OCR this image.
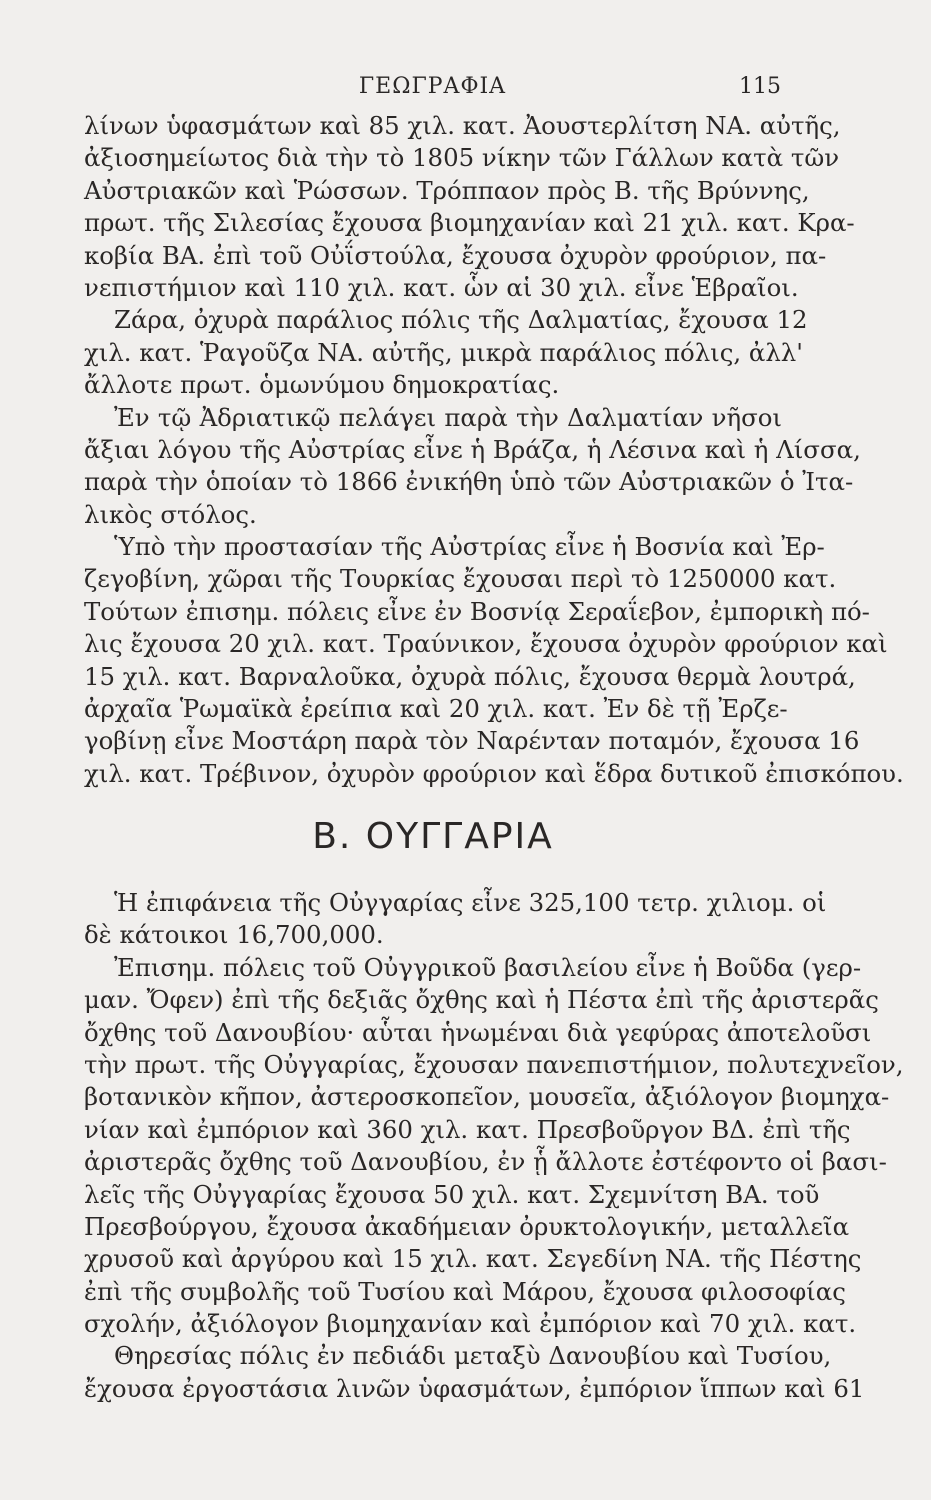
ΓΕΩΓΡΑΦΙΑ	115
λίνων ὑφασμάτων καὶ 85 χιλ. κατ. Ἀουστερλίτση ΝΑ. αὐτῆς,
ἀξιοσημείωτος διὰ τὴν τὸ 1805 νίκην τῶν Γάλλων κατὰ τῶν
Αὐστριακῶν καὶ Ῥώσσων. Τρόππαον πρὸς Β. τῆς Βρύννης,
πρωτ. τῆς Σιλεσίας ἔχουσα βιομηχανίαν καὶ 21 χιλ. κατ. Κρα-
κοβία ΒΑ. ἐπὶ τοῦ Οὐΐστούλα, ἔχουσα ὀχυρὸν φρούριον, πα-
νεπιστήμιον καὶ 110 χιλ. κατ. ὧν αἱ 30 χιλ. εἶνε Ἑβραῖοι.
Ζάρα, ὀχυρὰ παράλιος πόλις τῆς Δαλματίας, ἔχουσα 12
χιλ. κατ. Ῥαγοῦζα ΝΑ. αὐτῆς, μικρὰ παράλιος πόλις, ἀλλ'
ἄλλοτε πρωτ. ὁμωνύμου δημοκρατίας.
Ἐν τῷ Ἀδριατικῷ πελάγει παρὰ τὴν Δαλματίαν νῆσοι
ἄξιαι λόγου τῆς Αὐστρίας εἶνε ἡ Βράζα, ἡ Λέσινα καὶ ἡ Λίσσα,
παρὰ τὴν ὁποίαν τὸ 1866 ἐνικήθη ὑπὸ τῶν Αὐστριακῶν ὁ Ἰτα-
λικὸς στόλος.
Ὑπὸ τὴν προστασίαν τῆς Αὐστρίας εἶνε ἡ Βοσνία καὶ Ἐρ-
ζεγοβίνη, χῶραι τῆς Τουρκίας ἔχουσαι περὶ τὸ 1250000 κατ.
Τούτων ἐπισημ. πόλεις εἶνε ἐν Βοσνίᾳ Σεραΐεβον, ἐμπορικὴ πό-
λις ἔχουσα 20 χιλ. κατ. Τραύνικον, ἔχουσα ὀχυρὸν φρούριον καὶ
15 χιλ. κατ. Βαρναλοῦκα, ὀχυρὰ πόλις, ἔχουσα θερμὰ λουτρά,
ἀρχαῖα Ῥωμαϊκὰ ἐρείπια καὶ 20 χιλ. κατ. Ἐν δὲ τῇ Ἐρζε-
γοβίνῃ εἶνε Μοστάρη παρὰ τὸν Ναρένταν ποταμόν, ἔχουσα 16
χιλ. κατ. Τρέβινον, ὀχυρὸν φρούριον καὶ ἕδρα δυτικοῦ ἐπισκόπου.
Β. ΟΥΓΓΑΡΙΑ
Ἡ ἐπιφάνεια τῆς Οὐγγαρίας εἶνε 325,100 τετρ. χιλιομ. οἱ
δὲ κάτοικοι 16,700,000.
Ἐπισημ. πόλεις τοῦ Οὐγγρικοῦ βασιλείου εἶνε ἡ Βοῦδα (γερ-
μαν. Ὄφεν) ἐπὶ τῆς δεξιᾶς ὄχθης καὶ ἡ Πέστα ἐπὶ τῆς ἀριστερᾶς
ὄχθης τοῦ Δανουβίου· αὗται ἡνωμέναι διὰ γεφύρας ἀποτελοῦσι
τὴν πρωτ. τῆς Οὐγγαρίας, ἔχουσαν πανεπιστήμιον, πολυτεχνεῖον,
βοτανικὸν κῆπον, ἀστεροσκοπεῖον, μουσεῖα, ἀξιόλογον βιομηχα-
νίαν καὶ ἐμπόριον καὶ 360 χιλ. κατ. Πρεσβοῦργον ΒΔ. ἐπὶ τῆς
ἀριστερᾶς ὄχθης τοῦ Δανουβίου, ἐν ᾗ ἄλλοτε ἐστέφοντο οἱ βασι-
λεῖς τῆς Οὐγγαρίας ἔχουσα 50 χιλ. κατ. Σχεμνίτση ΒΑ. τοῦ
Πρεσβούργου, ἔχουσα ἀκαδήμειαν ὀρυκτολογικήν, μεταλλεῖα
χρυσοῦ καὶ ἀργύρου καὶ 15 χιλ. κατ. Σεγεδίνη ΝΑ. τῆς Πέστης
ἐπὶ τῆς συμβολῆς τοῦ Τυσίου καὶ Μάρου, ἔχουσα φιλοσοφίας
σχολήν, ἀξιόλογον βιομηχανίαν καὶ ἐμπόριον καὶ 70 χιλ. κατ.
Θηρεσίας πόλις ἐν πεδιάδι μεταξὺ Δανουβίου καὶ Τυσίου,
ἔχουσα ἐργοστάσια λινῶν ὑφασμάτων, ἐμπόριον ἵππων καὶ 61
